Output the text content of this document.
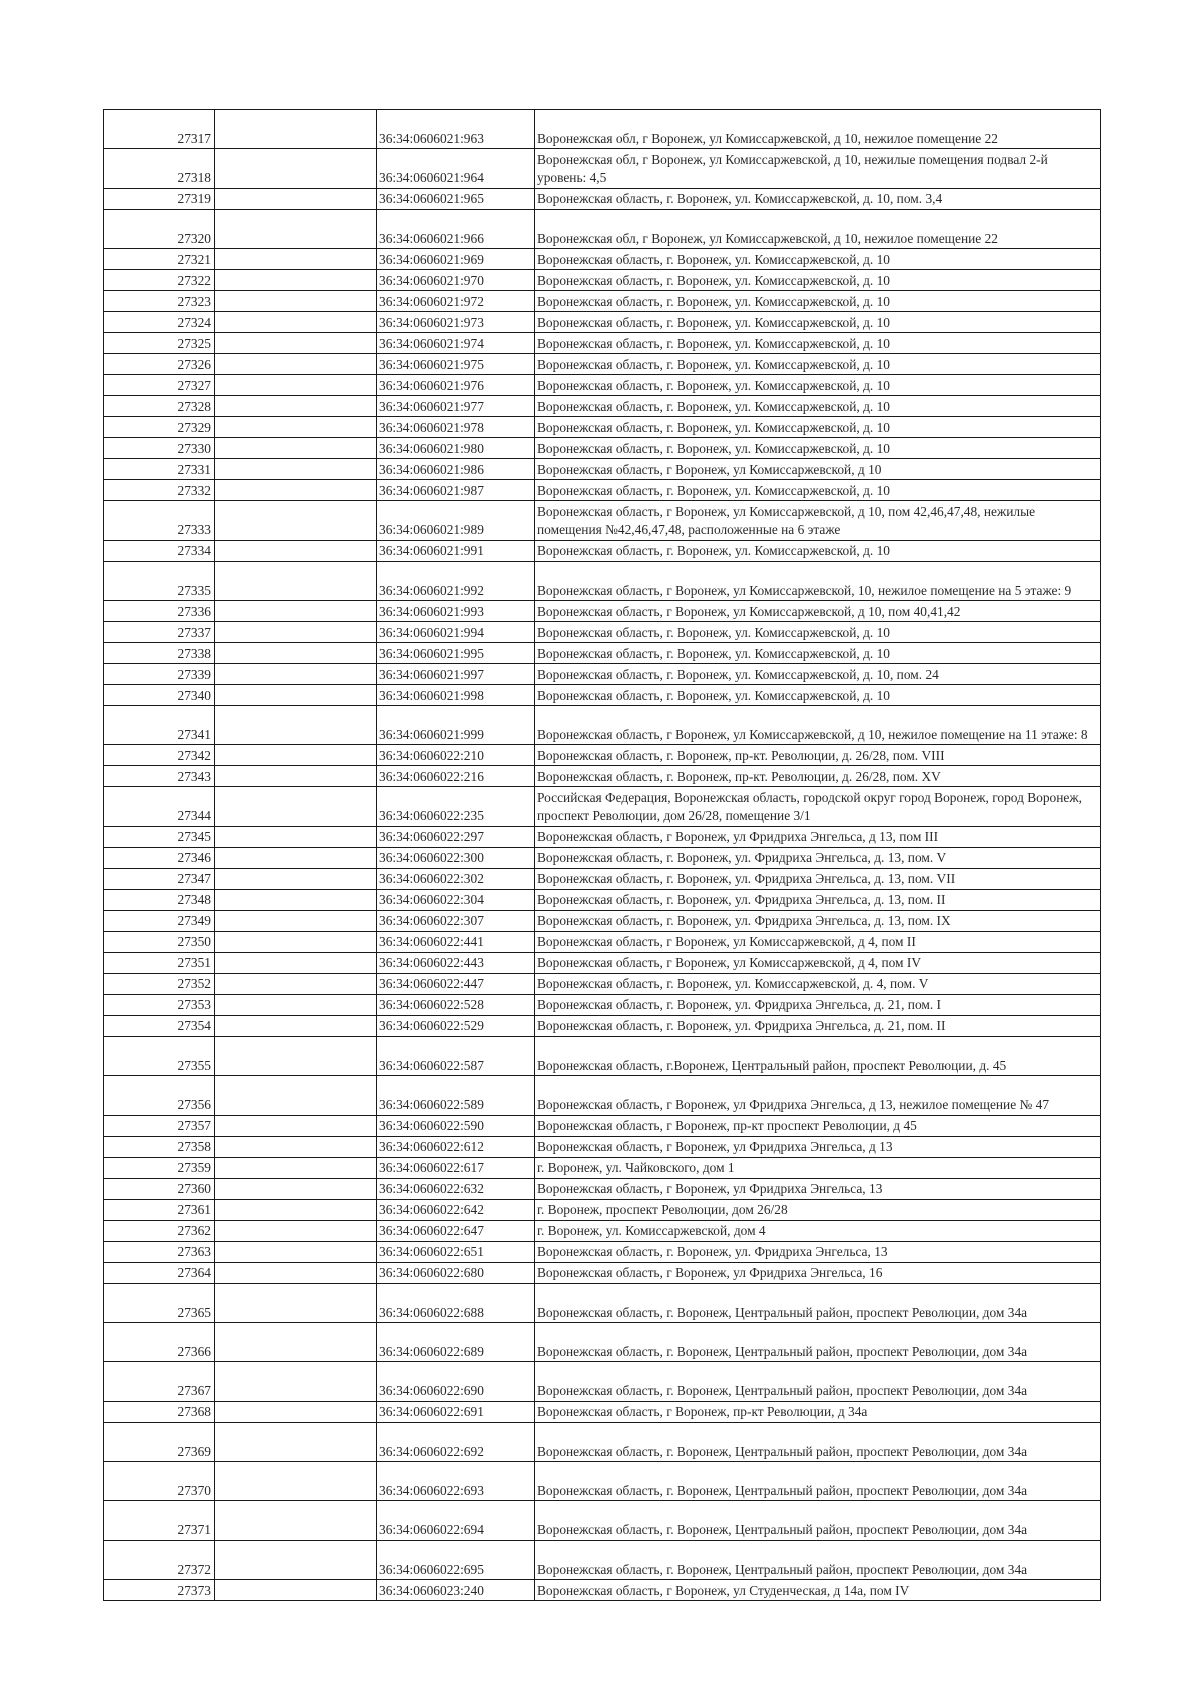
27317		36:34:0606021:963	Воронежская обл, г Воронеж, ул Комиссаржевской, д 10, нежилое помещение 22
27318		36:34:0606021:964	Воронежская обл, г Воронеж, ул Комиссаржевской, д 10, нежилые помещения подвал 2-й уровень: 4,5
27319		36:34:0606021:965	Воронежская область, г. Воронеж, ул. Комиссаржевской, д. 10, пом. 3,4
27320		36:34:0606021:966	Воронежская обл, г Воронеж, ул Комиссаржевской, д 10, нежилое помещение 22
27321		36:34:0606021:969	Воронежская область, г. Воронеж, ул. Комиссаржевской, д. 10
27322		36:34:0606021:970	Воронежская область, г. Воронеж, ул. Комиссаржевской, д. 10
27323		36:34:0606021:972	Воронежская область, г. Воронеж, ул. Комиссаржевской, д. 10
27324		36:34:0606021:973	Воронежская область, г. Воронеж, ул. Комиссаржевской, д. 10
27325		36:34:0606021:974	Воронежская область, г. Воронеж, ул. Комиссаржевской, д. 10
27326		36:34:0606021:975	Воронежская область, г. Воронеж, ул. Комиссаржевской, д. 10
27327		36:34:0606021:976	Воронежская область, г. Воронеж, ул. Комиссаржевской, д. 10
27328		36:34:0606021:977	Воронежская область, г. Воронеж, ул. Комиссаржевской, д. 10
27329		36:34:0606021:978	Воронежская область, г. Воронеж, ул. Комиссаржевской, д. 10
27330		36:34:0606021:980	Воронежская область, г. Воронеж, ул. Комиссаржевской, д. 10
27331		36:34:0606021:986	Воронежская область, г Воронеж, ул Комиссаржевской, д 10
27332		36:34:0606021:987	Воронежская область, г. Воронеж, ул. Комиссаржевской, д. 10
27333		36:34:0606021:989	Воронежская область, г Воронеж, ул Комиссаржевской, д 10, пом 42,46,47,48, нежилые помещения №42,46,47,48, расположенные на 6 этаже
27334		36:34:0606021:991	Воронежская область, г. Воронеж, ул. Комиссаржевской, д. 10
27335		36:34:0606021:992	Воронежская область, г Воронеж, ул Комиссаржевской, 10, нежилое помещение на 5 этаже: 9
27336		36:34:0606021:993	Воронежская область, г Воронеж, ул Комиссаржевской, д 10, пом 40,41,42
27337		36:34:0606021:994	Воронежская область, г. Воронеж, ул. Комиссаржевской, д. 10
27338		36:34:0606021:995	Воронежская область, г. Воронеж, ул. Комиссаржевской, д. 10
27339		36:34:0606021:997	Воронежская область, г. Воронеж, ул. Комиссаржевской, д. 10, пом. 24
27340		36:34:0606021:998	Воронежская область, г. Воронеж, ул. Комиссаржевской, д. 10
27341		36:34:0606021:999	Воронежская область, г Воронеж, ул Комиссаржевской, д 10, нежилое помещение на 11 этаже: 8
27342		36:34:0606022:210	Воронежская область, г. Воронеж, пр-кт. Революции, д. 26/28, пом. VIII
27343		36:34:0606022:216	Воронежская область, г. Воронеж, пр-кт. Революции, д. 26/28, пом. XV
27344		36:34:0606022:235	Российская Федерация, Воронежская область, городской округ город Воронеж, город Воронеж, проспект Революции, дом 26/28, помещение 3/1
27345		36:34:0606022:297	Воронежская область, г Воронеж, ул Фридриха Энгельса, д 13, пом III
27346		36:34:0606022:300	Воронежская область, г. Воронеж, ул. Фридриха Энгельса, д. 13, пом. V
27347		36:34:0606022:302	Воронежская область, г. Воронеж, ул. Фридриха Энгельса, д. 13, пом. VII
27348		36:34:0606022:304	Воронежская область, г. Воронеж, ул. Фридриха Энгельса, д. 13, пом. II
27349		36:34:0606022:307	Воронежская область, г. Воронеж, ул. Фридриха Энгельса, д. 13, пом. IX
27350		36:34:0606022:441	Воронежская область, г Воронеж, ул Комиссаржевской, д 4, пом II
27351		36:34:0606022:443	Воронежская область, г Воронеж, ул Комиссаржевской, д 4, пом IV
27352		36:34:0606022:447	Воронежская область, г. Воронеж, ул. Комиссаржевской, д. 4, пом. V
27353		36:34:0606022:528	Воронежская область, г. Воронеж, ул. Фридриха Энгельса, д. 21, пом. I
27354		36:34:0606022:529	Воронежская область, г. Воронеж, ул. Фридриха Энгельса, д. 21, пом. II
27355		36:34:0606022:587	Воронежская область, г.Воронеж, Центральный район, проспект Революции, д. 45
27356		36:34:0606022:589	Воронежская область, г Воронеж, ул Фридриха Энгельса, д 13, нежилое помещение № 47
27357		36:34:0606022:590	Воронежская область, г Воронеж, пр-кт проспект Революции, д 45
27358		36:34:0606022:612	Воронежская область, г Воронеж, ул Фридриха Энгельса, д 13
27359		36:34:0606022:617	г. Воронеж, ул. Чайковского, дом 1
27360		36:34:0606022:632	Воронежская область, г Воронеж, ул Фридриха Энгельса, 13
27361		36:34:0606022:642	г. Воронеж, проспект Революции, дом 26/28
27362		36:34:0606022:647	г. Воронеж, ул. Комиссаржевской, дом 4
27363		36:34:0606022:651	Воронежская область, г. Воронеж, ул. Фридриха Энгельса, 13
27364		36:34:0606022:680	Воронежская область, г Воронеж, ул Фридриха Энгельса, 16
27365		36:34:0606022:688	Воронежская область, г. Воронеж, Центральный район, проспект Революции, дом 34а
27366		36:34:0606022:689	Воронежская область, г. Воронеж, Центральный район, проспект Революции, дом 34а
27367		36:34:0606022:690	Воронежская область, г. Воронеж, Центральный район, проспект Революции, дом 34а
27368		36:34:0606022:691	Воронежская область, г Воронеж, пр-кт Революции, д 34а
27369		36:34:0606022:692	Воронежская область, г. Воронеж, Центральный район, проспект Революции, дом 34а
27370		36:34:0606022:693	Воронежская область, г. Воронеж, Центральный район, проспект Революции, дом 34а
27371		36:34:0606022:694	Воронежская область, г. Воронеж, Центральный район, проспект Революции, дом 34а
27372		36:34:0606022:695	Воронежская область, г. Воронеж, Центральный район, проспект Революции, дом 34а
27373		36:34:0606023:240	Воронежская область, г Воронеж, ул Студенческая, д 14а, пом IV
